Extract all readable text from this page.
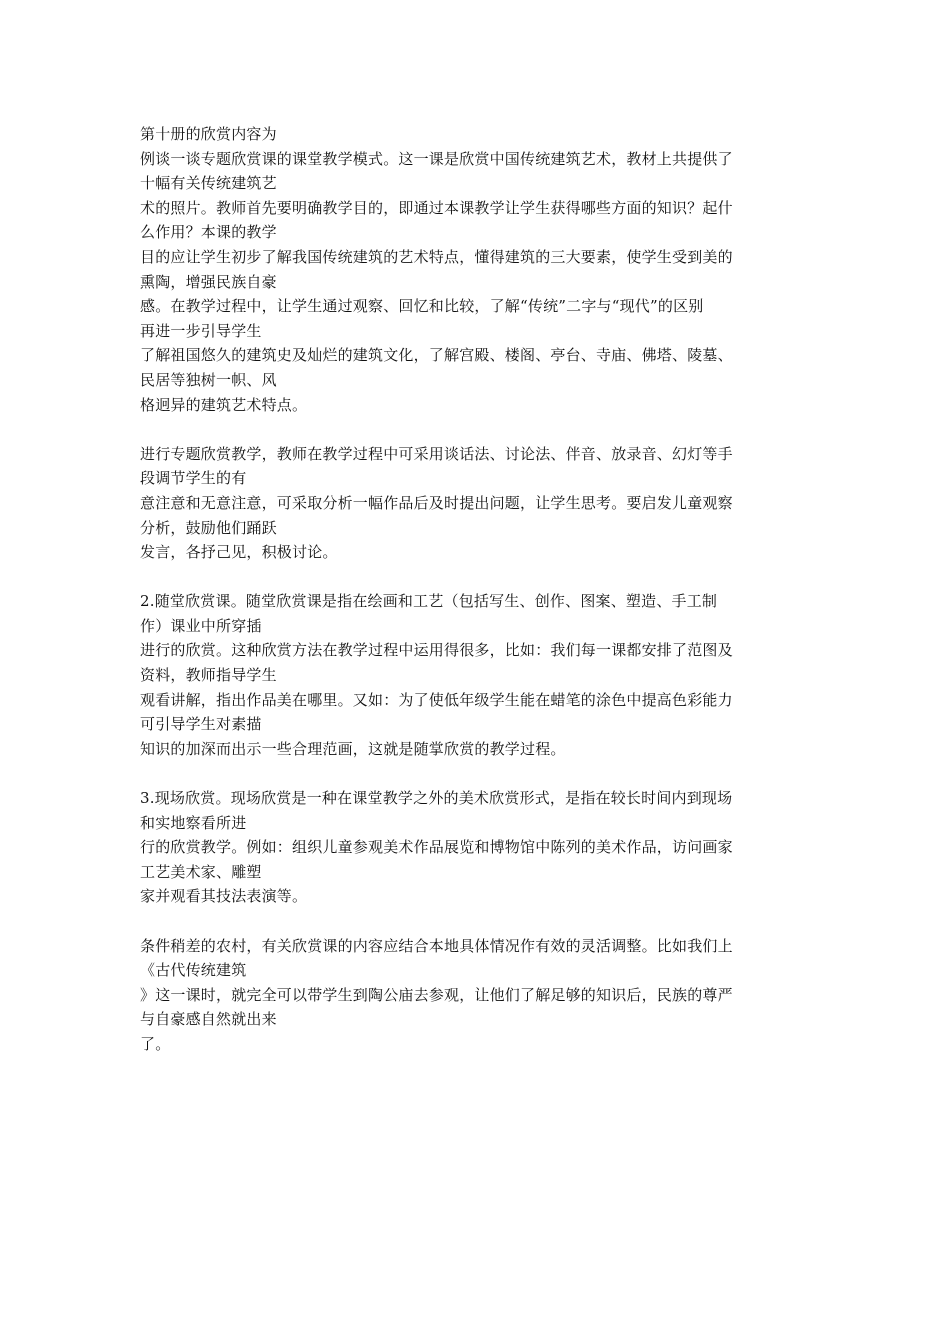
第十册的欣赏内容为
例谈一谈专题欣赏课的课堂教学模式。这一课是欣赏中国传统建筑艺术，教材上共提供了
十幅有关传统建筑艺
术的照片。教师首先要明确教学目的，即通过本课教学让学生获得哪些方面的知识？起什
么作用？本课的教学
目的应让学生初步了解我国传统建筑的艺术特点，懂得建筑的三大要素，使学生受到美的
熏陶，增强民族自豪
感。在教学过程中，让学生通过观察、回忆和比较，了解“传统”二字与“现代”的区别
再进一步引导学生
了解祖国悠久的建筑史及灿烂的建筑文化，了解宫殿、楼阁、亭台、寺庙、佛塔、陵墓、
民居等独树一帜、风
格迥异的建筑艺术特点。
进行专题欣赏教学，教师在教学过程中可采用谈话法、讨论法、伴音、放录音、幻灯等手
段调节学生的有
意注意和无意注意，可采取分析一幅作品后及时提出问题，让学生思考。要启发儿童观察
分析，鼓励他们踊跃
发言，各抒己见，积极讨论。
2.随堂欣赏课。随堂欣赏课是指在绘画和工艺（包括写生、创作、图案、塑造、手工制
作）课业中所穿插
进行的欣赏。这种欣赏方法在教学过程中运用得很多，比如：我们每一课都安排了范图及
资料，教师指导学生
观看讲解，指出作品美在哪里。又如：为了使低年级学生能在蜡笔的涂色中提高色彩能力
可引导学生对素描
知识的加深而出示一些合理范画，这就是随掌欣赏的教学过程。
3.现场欣赏。现场欣赏是一种在课堂教学之外的美术欣赏形式，是指在较长时间内到现场
和实地察看所进
行的欣赏教学。例如：组织儿童参观美术作品展览和博物馆中陈列的美术作品，访问画家
工艺美术家、雕塑
家并观看其技法表演等。
条件稍差的农村，有关欣赏课的内容应结合本地具体情况作有效的灵活调整。比如我们上
《古代传统建筑
》这一课时，就完全可以带学生到陶公庙去参观，让他们了解足够的知识后，民族的尊严
与自豪感自然就出来
了。
